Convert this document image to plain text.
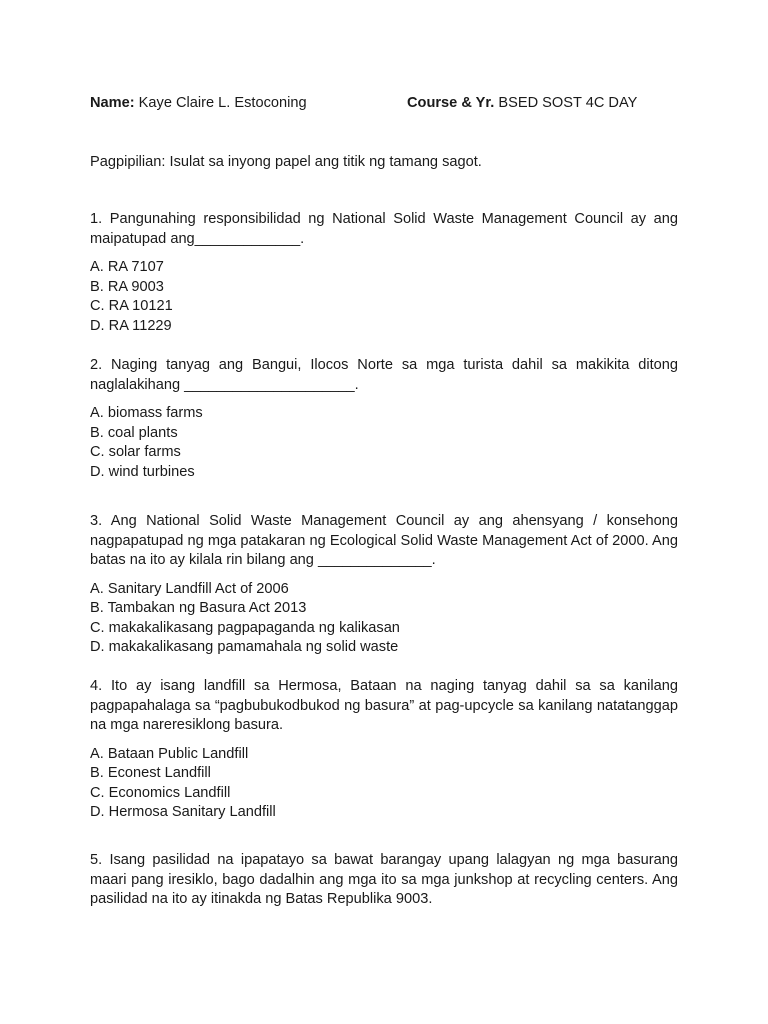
Name: Kaye Claire L. Estoconing	Course & Yr. BSED SOST 4C DAY
Pagpipilian: Isulat sa inyong papel ang titik ng tamang sagot.

1. Pangunahing responsibilidad ng National Solid Waste Management Council ay ang maipatupad ang_____________.

A. RA 7107
B. RA 9003
C. RA 10121
D. RA 11229

2. Naging tanyag ang Bangui, Ilocos Norte sa mga turista dahil sa makikita ditong naglalakihang _____________________.

A. biomass farms
B. coal plants
C. solar farms
D. wind turbines

3. Ang National Solid Waste Management Council ay ang ahensyang / konsehong nagpapatupad ng mga patakaran ng Ecological Solid Waste Management Act of 2000. Ang batas na ito ay kilala rin bilang ang ______________.

A. Sanitary Landfill Act of 2006
B. Tambakan ng Basura Act 2013
C. makakalikasang pagpapaganda ng kalikasan
D. makakalikasang pamamahala ng solid waste

4. Ito ay isang landfill sa Hermosa, Bataan na naging tanyag dahil sa sa kanilang pagpapahalaga sa “pagbubukodbukod ng basura” at pag-upcycle sa kanilang natatanggap na mga nareresiklong basura.

A. Bataan Public Landfill
B. Econest Landfill
C. Economics Landfill
D. Hermosa Sanitary Landfill

5. Isang pasilidad na ipapatayo sa bawat barangay upang lalagyan ng mga basurang maari pang iresiklo, bago dadalhin ang mga ito sa mga junkshop at recycling centers. Ang pasilidad na ito ay itinakda ng Batas Republika 9003.
